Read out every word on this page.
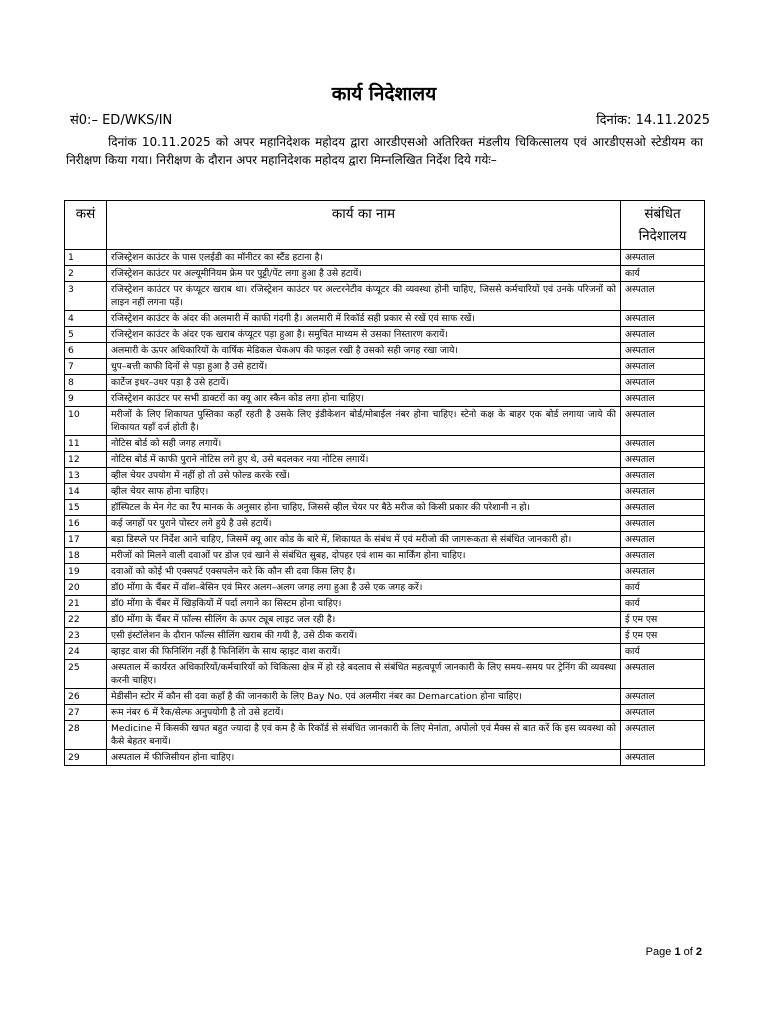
कार्य निदेशालय
सं0:– ED/WKS/IN	दिनांक: 14.11.2025
दिनांक 10.11.2025 को अपर महानिदेशक महोदय द्वारा आरडीएसओ अतिरिक्त मंडलीय चिकित्सालय एवं आरडीएसओ स्टेडीयम का निरीक्षण किया गया। निरीक्षण के दौरान अपर महानिदेशक महोदय द्वारा मिम्नलिखित निर्देश दिये गयेः–
कसं	कार्य का नाम	संबंधित निदेशालय
1	रजिस्ट्रेशन काउंटर के पास एलईडी का मॉनीटर का स्टैंड हटाना है।	अस्पताल
2	रजिस्ट्रेशन काउंटर पर अल्यूमीनियम फ्रेम पर पुट्टी/पेंट लगा हुआ है उसे हटायें।	कार्य
3	रजिस्ट्रेशन काउंटर पर कंप्यूटर खराब था। रजिस्ट्रेशन काउंटर पर अल्टरनेटीव कंप्यूटर की व्यवस्था होनी चाहिए, जिससे कर्मचारियों एवं उनके परिजनों को लाइन नहीं लगना पड़ें।	अस्पताल
4	रजिस्ट्रेशन काउंटर के अंदर की अलमारी में काफी गंदगी है। अलमारी में रिकॉर्ड सही प्रकार से रखें एवं साफ रखें।	अस्पताल
5	रजिस्ट्रेशन काउंटर के अंदर एक खराब कंप्यूटर पड़ा हुआ है। समुचित माध्यम से उसका निस्तारण करायें।	अस्पताल
6	अलमारी के ऊपर अधिकारियों के वार्षिक मेडिकल चेकअप की फाइल रखी है उसको सही जगह रखा जाये।	अस्पताल
7	धुप–बत्ती काफी दिनों से पड़ा हुआ है उसे हटायें।	अस्पताल
8	कार्टेज इधर–उधर पड़ा है उसे हटायें।	अस्पताल
9	रजिस्ट्रेशन काउंटर पर सभी डाक्टरों का क्यू आर स्कैन कोड लगा होना चाहिए।	अस्पताल
10	मरीजों के लिए शिकायत पुस्तिका कहाँ रहती है उसके लिए इंडीकेशन बोर्ड/मोबाईल नंबर होना चाहिए। स्टेनो कक्ष के बाहर एक बोर्ड लगाया जाये की शिकायत यहाँ दर्ज होती है।	अस्पताल
11	नोटिस बोर्ड को सही जगह लगायें।	अस्पताल
12	नोटिस बोर्ड में काफी पुराने नोटिस लगे हुए थे, उसे बदलकर नया नोटिस लगायें।	अस्पताल
13	व्हील चेयर उपयोग में नहीं हो तो उसे फोल्ड करके रखें।	अस्पताल
14	व्हील चेयर साफ होना चाहिए।	अस्पताल
15	हॉस्पिटल के मेन गेट का रैंप मानक के अनुसार होना चाहिए, जिससे व्हील चेयर पर बैठे मरीज को किसी प्रकार की परेशानी न हो।	अस्पताल
16	कई जगहों पर पुराने पोस्टर लगे हुये है उसे हटायें।	अस्पताल
17	बड़ा डिस्प्ले पर निर्देश आने चाहिए, जिसमें क्यू आर कोड के बारे में, शिकायत के संबंध में एवं मरीजो की जागरूकता से संबंधित जानकारी हो।	अस्पताल
18	मरीजों को मिलने वाली दवाओं पर डोज एवं खाने से संबंधित सुबह, दोपहर एवं शाम का मार्किंग होना चाहिए।	अस्पताल
19	दवाओं को कोई भी एक्सपर्ट एक्सपलेन करे कि कौन सी दवा किस लिए है।	अस्पताल
20	डॉ0 मोंगा के चैंबर में वॉश–बेसिन एवं मिरर अलग–अलग जगह लगा हुआ है उसे एक जगह करें।	कार्य
21	डॉ0 मोंगा के चैंबर में खिड़कियों में पर्दा लगाने का सिस्टम होना चाहिए।	कार्य
22	डॉ0 मोंगा के चैंबर में फॉल्स सीलिंग के ऊपर ट्यूब लाइट जल रही है।	ई एम एस
23	एसी इंस्टॉलेशन के दौरान फॉल्स सीलिंग खराब की गयी है, उसे ठीक करायें।	ई एम एस
24	व्हाइट वाश की फिनिशिंग नहीं है फिनिशिंग के साथ व्हाइट वाश करायें।	कार्य
25	अस्पताल में कार्यरत अधिकारियों/कर्मचारियों को चिकित्सा क्षेत्र में हो रहे बदलाव से संबंधित महत्वपूर्ण जानकारी के लिए समय–समय पर ट्रेनिंग की व्यवस्था करनी चाहिए।	अस्पताल
26	मेडीसीन स्टोर में कौन सी दवा कहाँ है की जानकारी के लिए Bay No. एवं अलमीरा नंबर का Demarcation होना चाहिए।	अस्पताल
27	रूम नंबर 6 में रैक/सेल्फ अनुपयोगी है तो उसे हटायें।	अस्पताल
28	Medicine में किसकी खपत बहुत ज्यादा है एवं कम है के रिकॉर्ड से संबंधित जानकारी के लिए मेनांता, अपोलो एवं मैक्स से बात करें कि इस व्यवस्था को कैसे बेहतर बनायें।	अस्पताल
29	अस्पताल में फीजिसीयन होना चाहिए।	अस्पताल
Page 1 of 2
